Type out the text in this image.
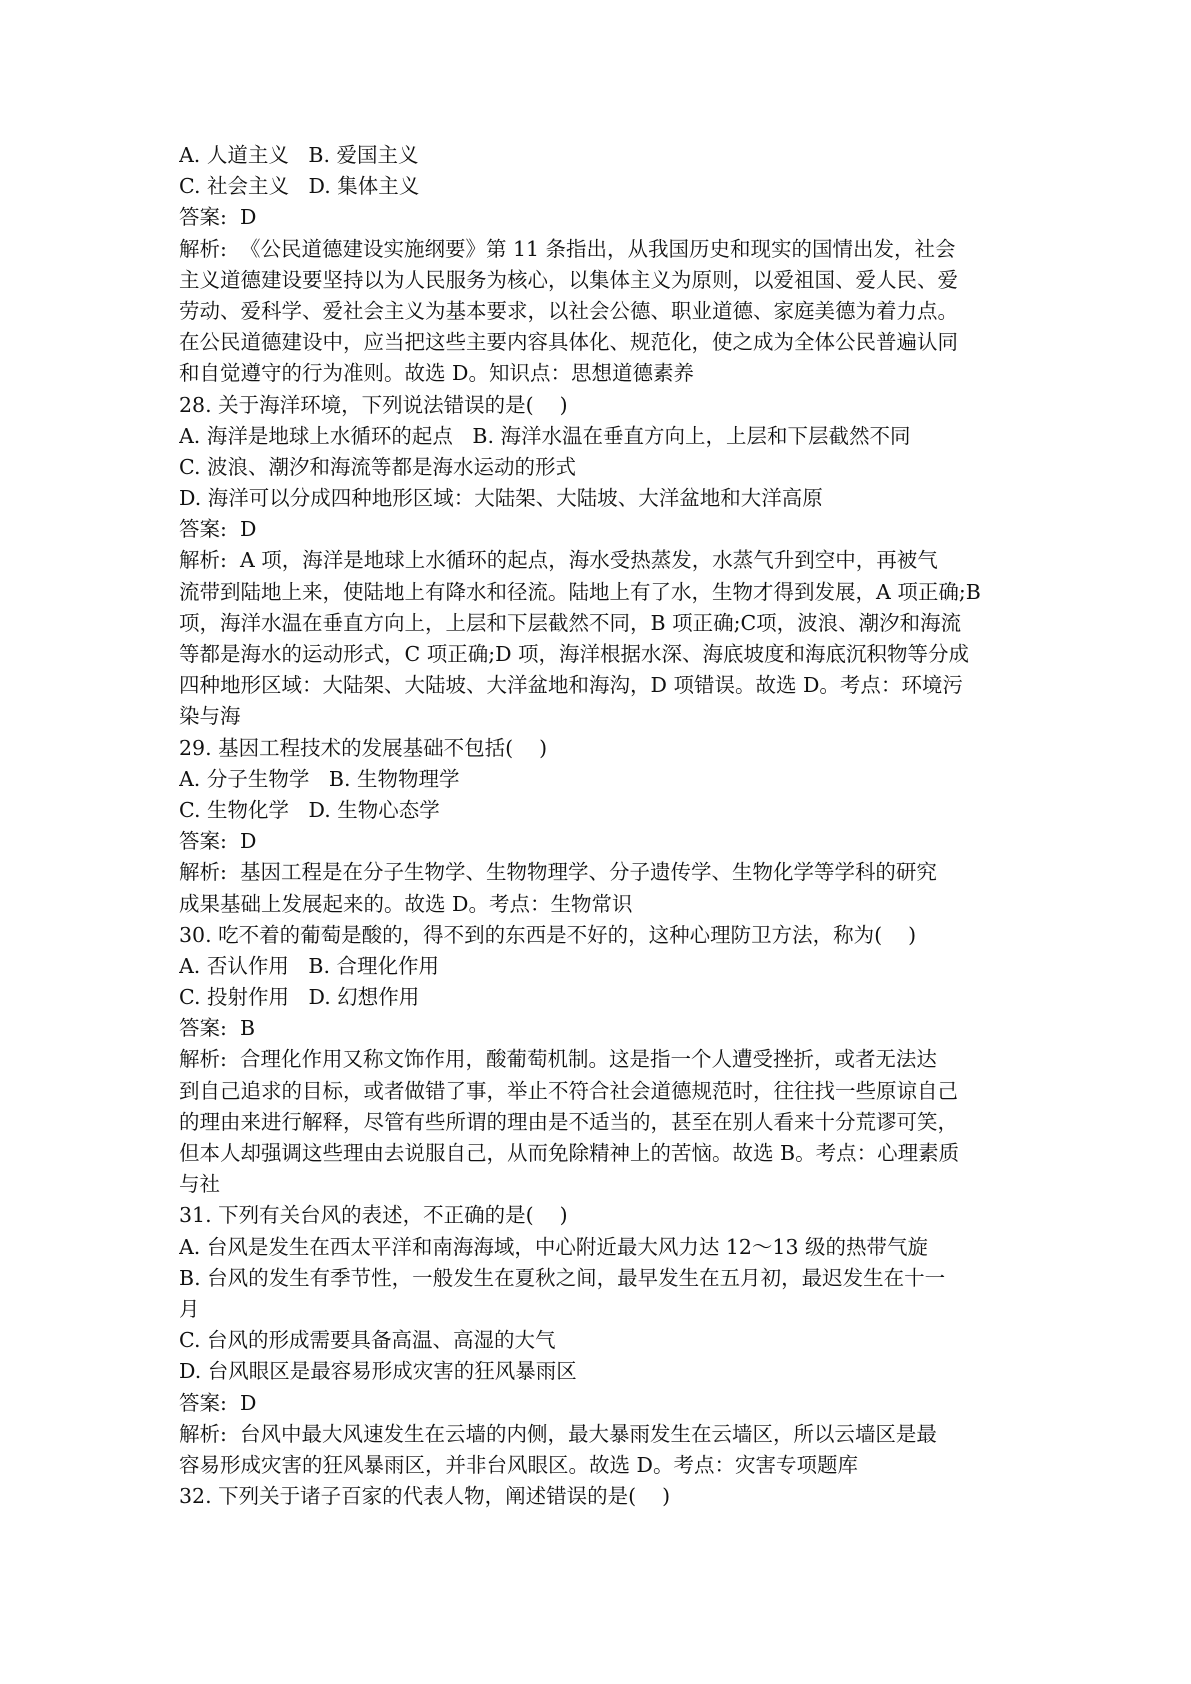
A. 人道主义   B. 爱国主义
C. 社会主义   D. 集体主义
答案:  D
解析:  《公民道德建设实施纲要》第 11 条指出，从我国历史和现实的国情出发，社会
主义道德建设要坚持以为人民服务为核心，以集体主义为原则，以爱祖国、爱人民、爱
劳动、爱科学、爱社会主义为基本要求，以社会公德、职业道德、家庭美德为着力点。
在公民道德建设中，应当把这些主要内容具体化、规范化，使之成为全体公民普遍认同
和自觉遵守的行为准则。故选 D。知识点：思想道德素养
28. 关于海洋环境，下列说法错误的是(    )
A. 海洋是地球上水循环的起点   B. 海洋水温在垂直方向上，上层和下层截然不同
C. 波浪、潮汐和海流等都是海水运动的形式
D. 海洋可以分成四种地形区域：大陆架、大陆坡、大洋盆地和大洋高原
答案:  D
解析:  A 项，海洋是地球上水循环的起点，海水受热蒸发，水蒸气升到空中，再被气
流带到陆地上来，使陆地上有降水和径流。陆地上有了水，生物才得到发展，A 项正确;B
项，海洋水温在垂直方向上，上层和下层截然不同，B 项正确;C项，波浪、潮汐和海流
等都是海水的运动形式，C 项正确;D 项，海洋根据水深、海底坡度和海底沉积物等分成
四种地形区域：大陆架、大陆坡、大洋盆地和海沟，D 项错误。故选 D。考点：环境污
染与海
29. 基因工程技术的发展基础不包括(    )
A. 分子生物学   B. 生物物理学
C. 生物化学   D. 生物心态学
答案:  D
解析:  基因工程是在分子生物学、生物物理学、分子遗传学、生物化学等学科的研究
成果基础上发展起来的。故选 D。考点：生物常识
30. 吃不着的葡萄是酸的，得不到的东西是不好的，这种心理防卫方法，称为(    )
A. 否认作用   B. 合理化作用
C. 投射作用   D. 幻想作用
答案:  B
解析:  合理化作用又称文饰作用，酸葡萄机制。这是指一个人遭受挫折，或者无法达
到自己追求的目标，或者做错了事，举止不符合社会道德规范时，往往找一些原谅自己
的理由来进行解释，尽管有些所谓的理由是不适当的，甚至在别人看来十分荒谬可笑，
但本人却强调这些理由去说服自己，从而免除精神上的苦恼。故选 B。考点：心理素质
与社
31. 下列有关台风的表述，不正确的是(    )
A. 台风是发生在西太平洋和南海海域，中心附近最大风力达 12～13 级的热带气旋
B. 台风的发生有季节性，一般发生在夏秋之间，最早发生在五月初，最迟发生在十一
月
C. 台风的形成需要具备高温、高湿的大气
D. 台风眼区是最容易形成灾害的狂风暴雨区
答案:  D
解析:  台风中最大风速发生在云墙的内侧，最大暴雨发生在云墙区，所以云墙区是最
容易形成灾害的狂风暴雨区，并非台风眼区。故选 D。考点：灾害专项题库
32. 下列关于诸子百家的代表人物，阐述错误的是(    )
